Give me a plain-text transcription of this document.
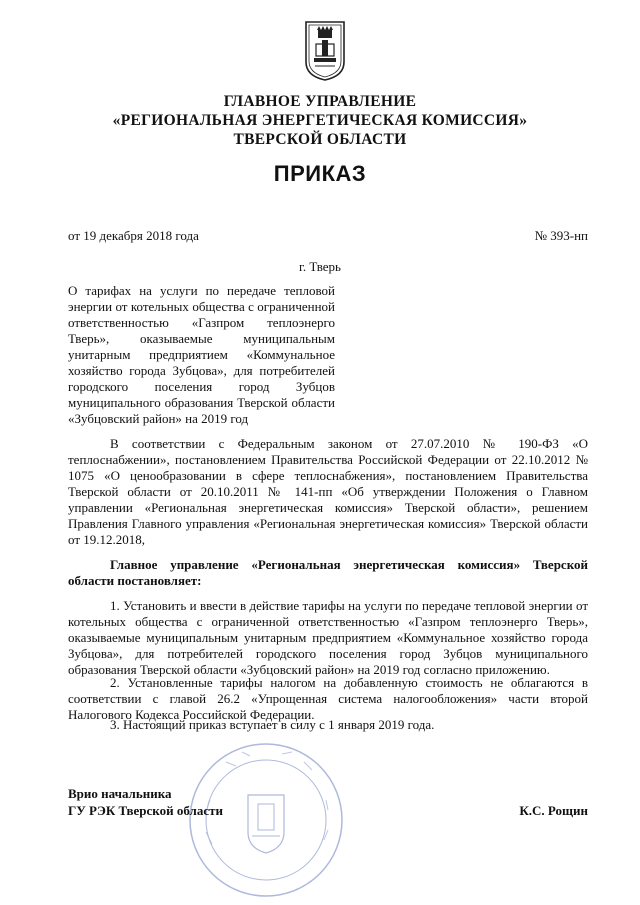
ГЛАВНОЕ УПРАВЛЕНИЕ
«РЕГИОНАЛЬНАЯ ЭНЕРГЕТИЧЕСКАЯ КОМИССИЯ»
ТВЕРСКОЙ ОБЛАСТИ
ПРИКАЗ
от 19 декабря 2018 года	№ 393-нп
г. Тверь
О тарифах на услуги по передаче тепловой энергии от котельных общества с ограниченной ответственностью «Газпром теплоэнерго Тверь», оказываемые муниципальным унитарным предприятием «Коммунальное хозяйство города Зубцова», для потребителей городского поселения город Зубцов муниципального образования Тверской области «Зубцовский район» на 2019 год
В соответствии с Федеральным законом от 27.07.2010 № 190-ФЗ «О теплоснабжении», постановлением Правительства Российской Федерации от 22.10.2012 № 1075 «О ценообразовании в сфере теплоснабжения», постановлением Правительства Тверской области от 20.10.2011 № 141-пп «Об утверждении Положения о Главном управлении «Региональная энергетическая комиссия» Тверской области», решением Правления Главного управления «Региональная энергетическая комиссия» Тверской области от 19.12.2018,
Главное управление «Региональная энергетическая комиссия» Тверской области постановляет:
1. Установить и ввести в действие тарифы на услуги по передаче тепловой энергии от котельных общества с ограниченной ответственностью «Газпром теплоэнерго Тверь», оказываемые муниципальным унитарным предприятием «Коммунальное хозяйство города Зубцова», для потребителей городского поселения город Зубцов муниципального образования Тверской области «Зубцовский район» на 2019 год согласно приложению.
2. Установленные тарифы налогом на добавленную стоимость не облагаются в соответствии с главой 26.2 «Упрощенная система налогообложения» части второй Налогового Кодекса Российской Федерации.
3. Настоящий приказ вступает в силу с 1 января 2019 года.
Врио начальника
ГУ РЭК Тверской области	К.С. Рощин
